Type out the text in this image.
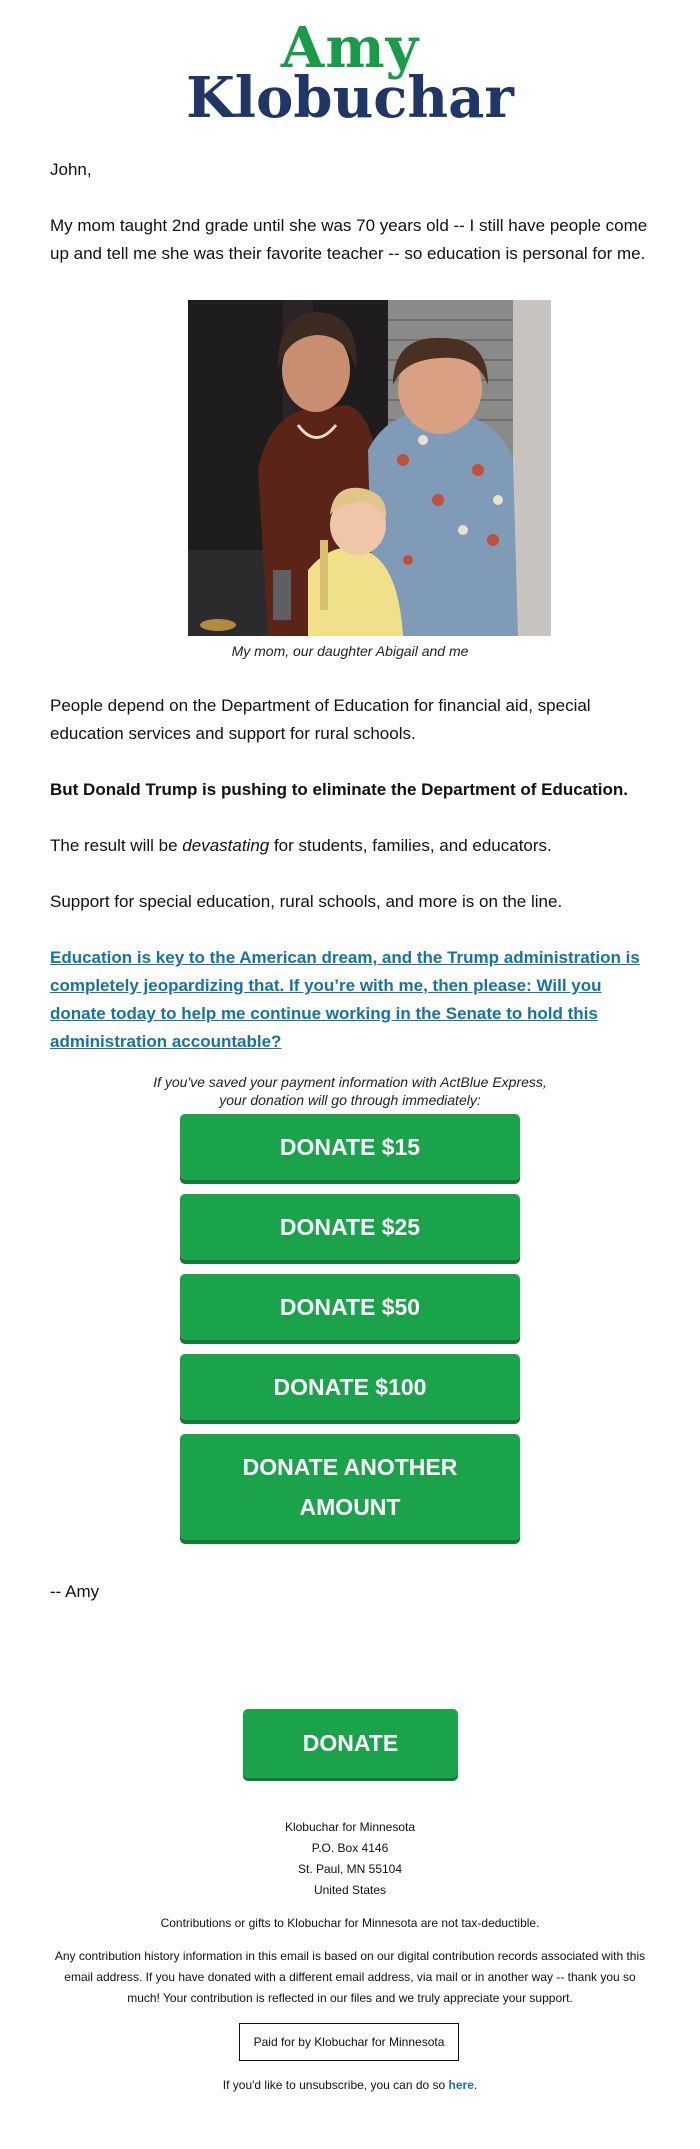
Amy
Klobuchar

John,

My mom taught 2nd grade until she was 70 years old -- I still have people come up and tell me she was their favorite teacher -- so education is personal for me.

My mom, our daughter Abigail and me

People depend on the Department of Education for financial aid, special education services and support for rural schools.

But Donald Trump is pushing to eliminate the Department of Education.

The result will be devastating for students, families, and educators.

Support for special education, rural schools, and more is on the line.

Education is key to the American dream, and the Trump administration is completely jeopardizing that. If you’re with me, then please: Will you donate today to help me continue working in the Senate to hold this administration accountable?

If you've saved your payment information with ActBlue Express,
your donation will go through immediately:
DONATE $15
DONATE $25
DONATE $50
DONATE $100
DONATE ANOTHER
AMOUNT
-- Amy
DONATE
Klobuchar for Minnesota
P.O. Box 4146
St. Paul, MN 55104
United States
Contributions or gifts to Klobuchar for Minnesota are not tax-deductible.
Any contribution history information in this email is based on our digital contribution records associated with this email address. If you have donated with a different email address, via mail or in another way -- thank you so much! Your contribution is reflected in our files and we truly appreciate your support.
Paid for by Klobuchar for Minnesota
If you'd like to unsubscribe, you can do so here.
